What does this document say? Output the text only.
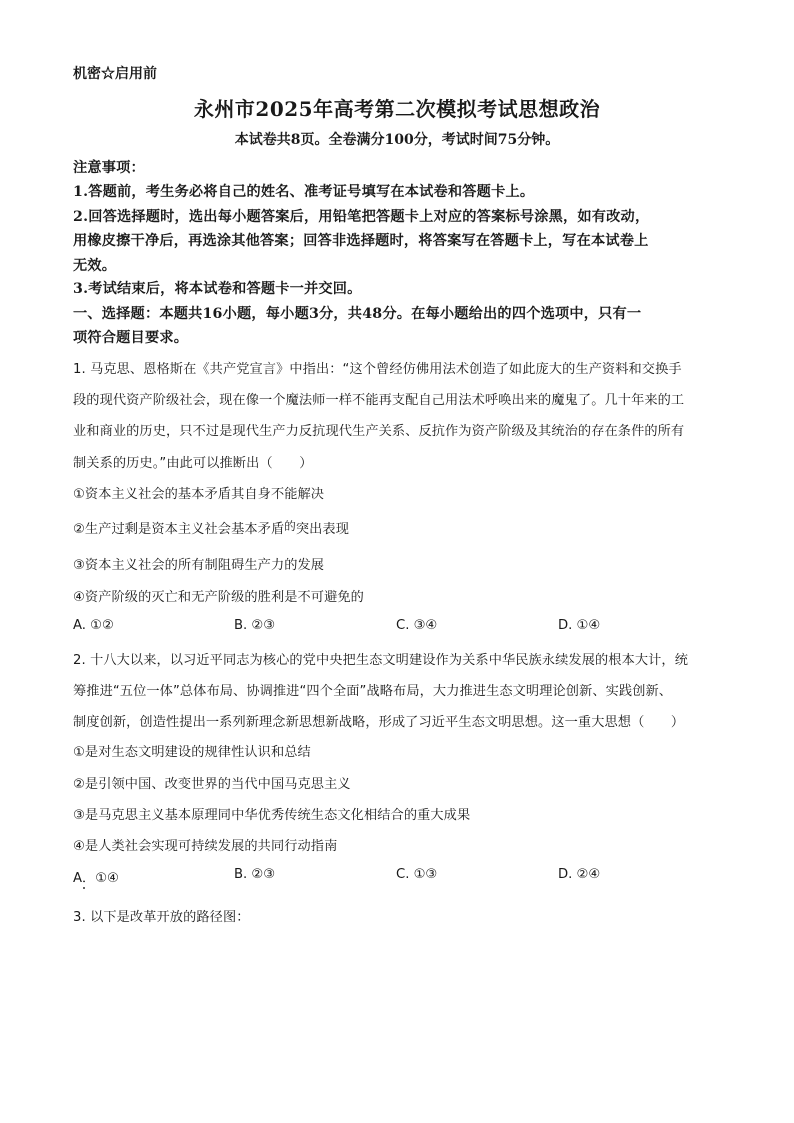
机密☆启用前
永州市2025年高考第二次模拟考试思想政治
本试卷共8页。全卷满分100分，考试时间75分钟。
注意事项：
1.答题前，考生务必将自己的姓名、准考证号填写在本试卷和答题卡上。
2.回答选择题时，选出每小题答案后，用铅笔把答题卡上对应的答案标号涂黑，如有改动，
用橡皮擦干净后，再选涂其他答案；回答非选择题时，将答案写在答题卡上，写在本试卷上
无效。
3.考试结束后，将本试卷和答题卡一并交回。
一、选择题：本题共16小题，每小题3分，共48分。在每小题给出的四个选项中，只有一
项符合题目要求。
1. 马克思、恩格斯在《共产党宣言》中指出：“这个曾经仿佛用法术创造了如此庞大的生产资料和交换手
段的现代资产阶级社会，现在像一个魔法师一样不能再支配自己用法术呼唤出来的魔鬼了。几十年来的工
业和商业的历史，只不过是现代生产力反抗现代生产关系、反抗作为资产阶级及其统治的存在条件的所有
制关系的历史。”由此可以推断出（　　）
①资本主义社会的基本矛盾其自身不能解决
②生产过剩是资本主义社会基本矛盾的突出表现
③资本主义社会的所有制阻碍生产力的发展
④资产阶级的灭亡和无产阶级的胜利是不可避免的
A. ①②	B. ②③	C. ③④	D. ①④
2. 十八大以来，以习近平同志为核心的党中央把生态文明建设作为关系中华民族永续发展的根本大计，统
筹推进“五位一体”总体布局、协调推进“四个全面”战略布局，大力推进生态文明理论创新、实践创新、
制度创新，创造性提出一系列新理念新思想新战略，形成了习近平生态文明思想。这一重大思想（　　）
①是对生态文明建设的规律性认识和总结
②是引领中国、改变世界的当代中国马克思主义
③是马克思主义基本原理同中华优秀传统生态文化相结合的重大成果
④是人类社会实现可持续发展的共同行动指南
A．①④	B. ②③	C. ①③	D. ②④
3. 以下是改革开放的路径图：
